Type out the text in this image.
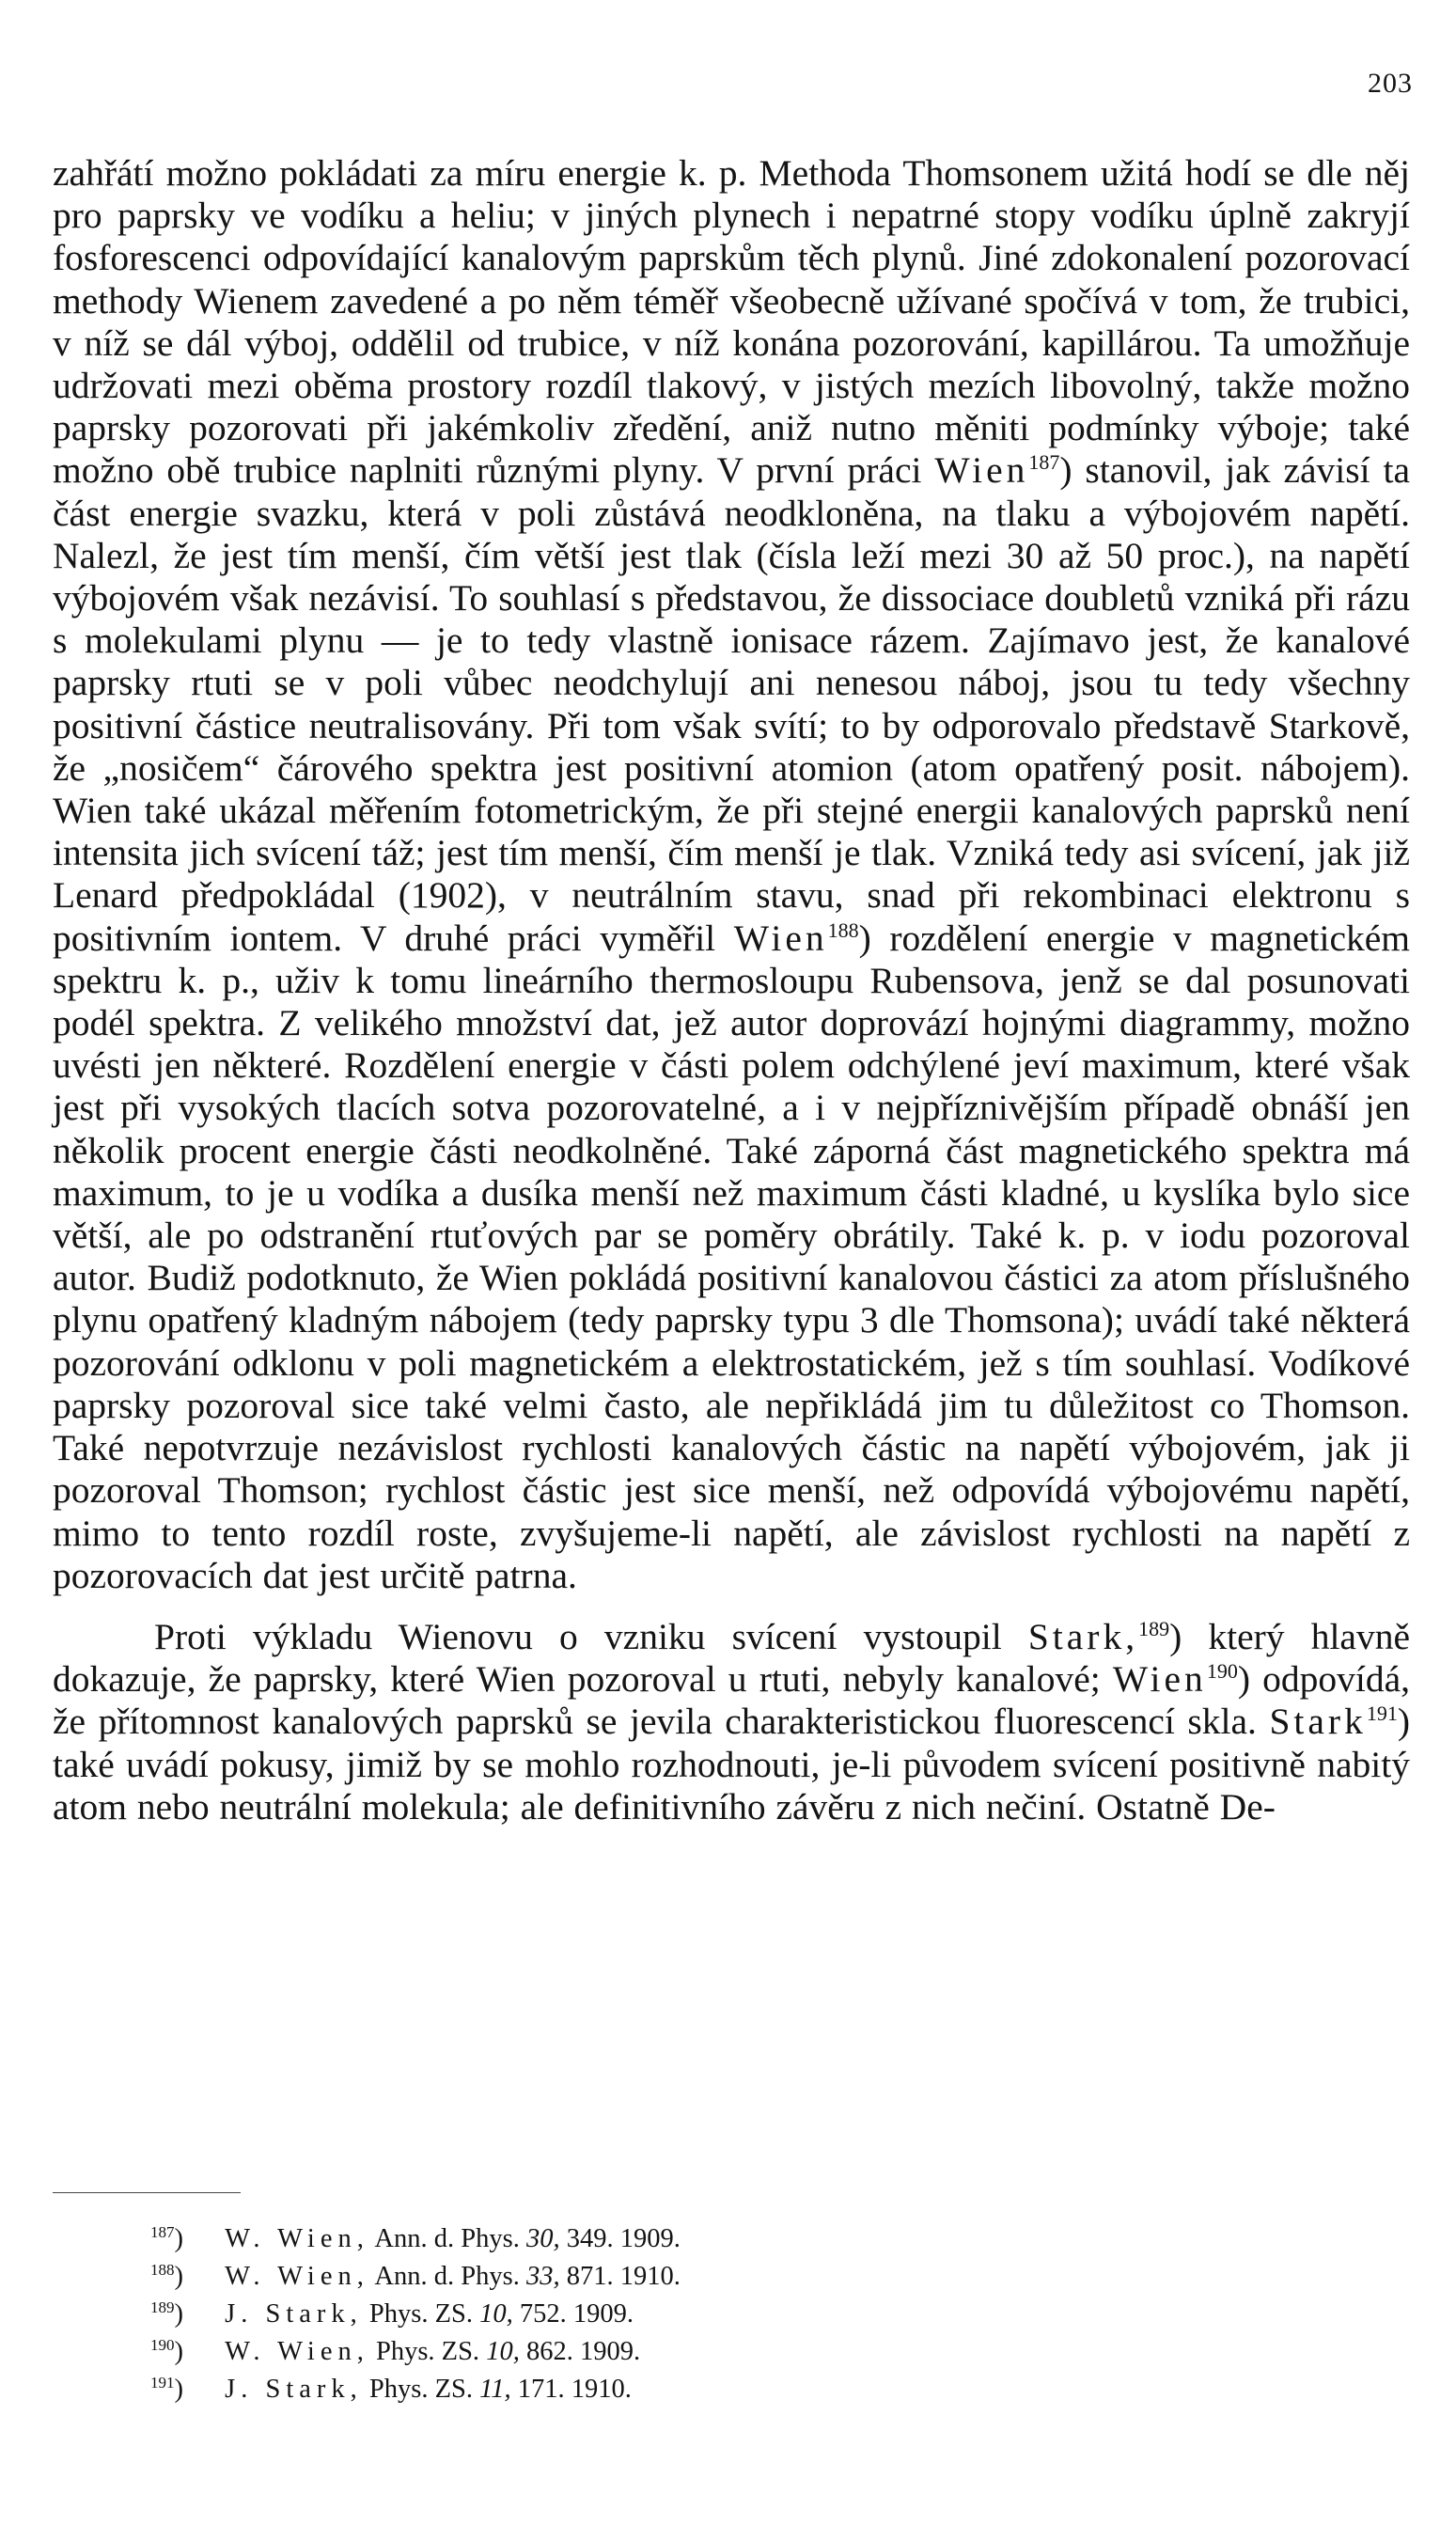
203

zahřátí možno pokládati za míru energie k. p. Methoda Thomsonem užitá hodí se dle něj pro paprsky ve vodíku a heliu; v jiných plynech i nepatrné stopy vodíku úplně zakryjí fosforescenci odpovídající kanalovým paprskům těch plynů. Jiné zdokonalení pozorovací methody Wienem zavedené a po něm téměř všeobecně užívané spočívá v tom, že trubici, v níž se dál výboj, oddělil od trubice, v níž konána pozorování, kapillárou. Ta umožňuje udržovati mezi oběma prostory rozdíl tlakový, v jistých mezích libovolný, takže možno paprsky pozorovati při jakémkoliv zředění, aniž nutno měniti podmínky výboje; také možno obě trubice naplniti různými plyny. V první práci Wien$^{187}$) stanovil, jak závisí ta část energie svazku, která v poli zůstává neodkloněna, na tlaku a výbojovém napětí. Nalezl, že jest tím menší, čím větší jest tlak (čísla leží mezi 30 až 50 proc.), na napětí výbojovém však nezávisí. To souhlasí s představou, že dissociace doubletů vzniká při rázu s molekulami plynu — je to tedy vlastně ionisace rázem. Zajímavo jest, že kanalové paprsky rtuti se v poli vůbec neodchylují ani nenesou náboj, jsou tu tedy všechny positivní částice neutralisovány. Při tom však svítí; to by odporovalo představě Starkově, že „nosičem“ čárového spektra jest positivní atomion (atom opatřený posit. nábojem). Wien také ukázal měřením fotometrickým, že při stejné energii kanalových paprsků není intensita jich svícení táž; jest tím menší, čím menší je tlak. Vzniká tedy asi svícení, jak již Lenard předpokládal (1902), v neutrálním stavu, snad při rekombinaci elektronu s positivním iontem. V druhé práci vyměřil Wien$^{188}$) rozdělení energie v magnetickém spektru k. p., uživ k tomu lineárního thermosloupu Rubensova, jenž se dal posunovati podél spektra. Z velikého množství dat, jež autor doprovází hojnými diagrammy, možno uvésti jen některé. Rozdělení energie v části polem odchýlené jeví maximum, které však jest při vysokých tlacích sotva pozorovatelné, a i v nejpříznivějším případě obnáší jen několik procent energie části neodkolněné. Také záporná část magnetického spektra má maximum, to je u vodíka a dusíka menší než maximum části kladné, u kyslíka bylo sice větší, ale po odstranění rtuťových par se poměry obrátily. Také k. p. v iodu pozoroval autor. Budiž podotknuto, že Wien pokládá positivní kanalovou částici za atom příslušného plynu opatřený kladným nábojem (tedy paprsky typu 3 dle Thomsona); uvádí také některá pozorování odklonu v poli magnetickém a elektrostatickém, jež s tím souhlasí. Vodíkové paprsky pozoroval sice také velmi často, ale nepřikládá jim tu důležitost co Thomson. Také nepotvrzuje nezávislost rychlosti kanalových částic na napětí výbojovém, jak ji pozoroval Thomson; rychlost částic jest sice menší, než odpovídá výbojovému napětí, mimo to tento rozdíl roste, zvyšujeme-li napětí, ale závislost rychlosti na napětí z pozorovacích dat jest určitě patrna.

Proti výkladu Wienovu o vzniku svícení vystoupil Stark,$^{189}$) který hlavně dokazuje, že paprsky, které Wien pozoroval u rtuti, nebyly kanalové; Wien$^{190}$) odpovídá, že přítomnost kanalových paprsků se jevila charakteristickou fluorescencí skla. Stark$^{191}$) také uvádí pokusy, jimiž by se mohlo rozhodnouti, je-li původem svícení positivně nabitý atom nebo neutrální molekula; ale definitivního závěru z nich nečiní. Ostatně De-

$^{187}$) W. Wien, Ann. d. Phys. 30, 349. 1909.
$^{188}$) W. Wien, Ann. d. Phys. 33, 871. 1910.
$^{189}$) J. Stark, Phys. ZS. 10, 752. 1909.
$^{190}$) W. Wien, Phys. ZS. 10, 862. 1909.
$^{191}$) J. Stark, Phys. ZS. 11, 171. 1910.
